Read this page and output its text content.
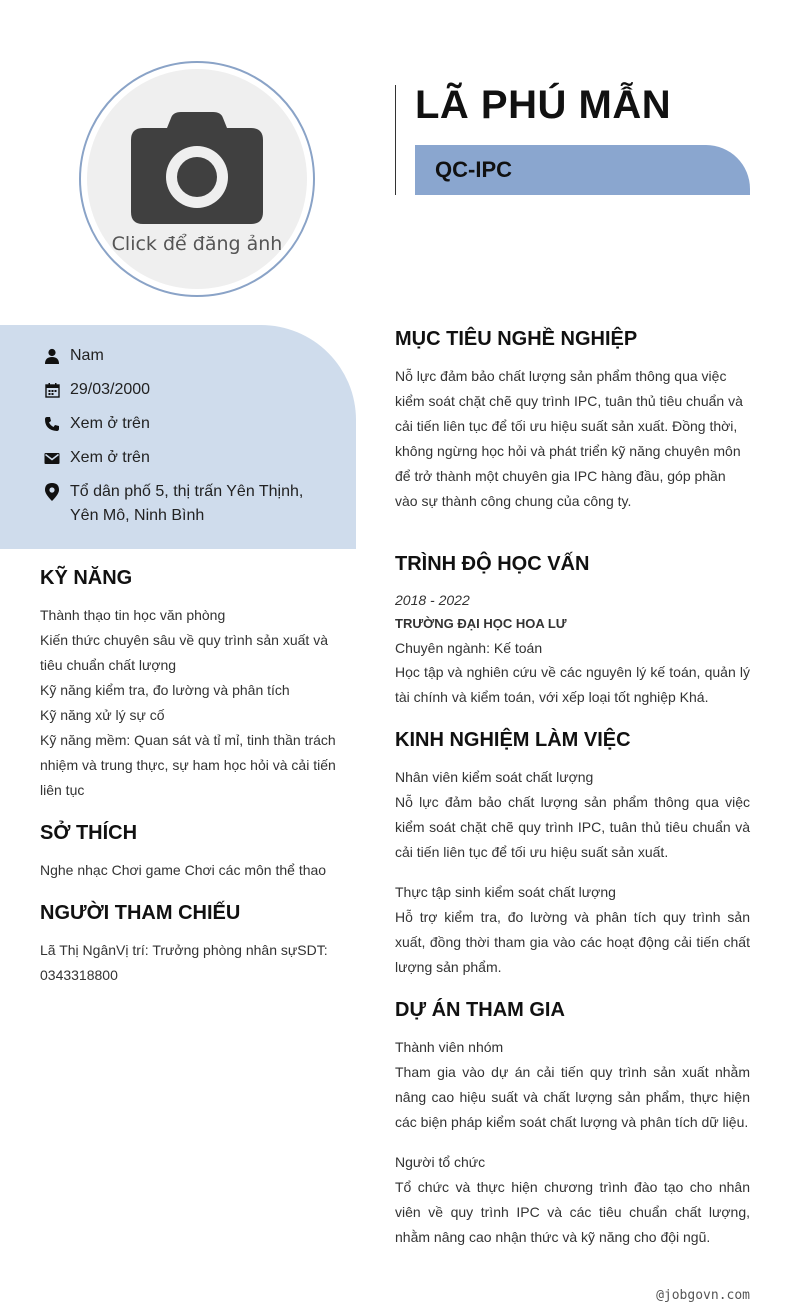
Click để đăng ảnh
LÃ PHÚ MẪN
QC-IPC
Nam
29/03/2000
Xem ở trên
Xem ở trên
Tổ dân phố 5, thị trấn Yên Thịnh,
Yên Mô, Ninh Bình
KỸ NĂNG
Thành thạo tin học văn phòng
Kiến thức chuyên sâu về quy trình sản xuất và tiêu chuẩn chất lượng
Kỹ năng kiểm tra, đo lường và phân tích
Kỹ năng xử lý sự cố
Kỹ năng mềm: Quan sát và tỉ mỉ, tinh thần trách nhiệm và trung thực, sự ham học hỏi và cải tiến liên tục
SỞ THÍCH
Nghe nhạc Chơi game Chơi các môn thể thao
NGƯỜI THAM CHIẾU
Lã Thị NgânVị trí: Trưởng phòng nhân sựSDT: 0343318800
MỤC TIÊU NGHỀ NGHIỆP
Nỗ lực đảm bảo chất lượng sản phẩm thông qua việc kiểm soát chặt chẽ quy trình IPC, tuân thủ tiêu chuẩn và cải tiến liên tục để tối ưu hiệu suất sản xuất. Đồng thời, không ngừng học hỏi và phát triển kỹ năng chuyên môn để trở thành một chuyên gia IPC hàng đầu, góp phần vào sự thành công chung của công ty.
TRÌNH ĐỘ HỌC VẤN
2018 - 2022
TRƯỜNG ĐẠI HỌC HOA LƯ
Chuyên ngành: Kế toán
Học tập và nghiên cứu về các nguyên lý kế toán, quản lý tài chính và kiểm toán, với xếp loại tốt nghiệp Khá.
KINH NGHIỆM LÀM VIỆC
Nhân viên kiểm soát chất lượng
Nỗ lực đảm bảo chất lượng sản phẩm thông qua việc kiểm soát chặt chẽ quy trình IPC, tuân thủ tiêu chuẩn và cải tiến liên tục để tối ưu hiệu suất sản xuất.
Thực tập sinh kiểm soát chất lượng
Hỗ trợ kiểm tra, đo lường và phân tích quy trình sản xuất, đồng thời tham gia vào các hoạt động cải tiến chất lượng sản phẩm.
DỰ ÁN THAM GIA
Thành viên nhóm
Tham gia vào dự án cải tiến quy trình sản xuất nhằm nâng cao hiệu suất và chất lượng sản phẩm, thực hiện các biện pháp kiểm soát chất lượng và phân tích dữ liệu.
Người tổ chức
Tổ chức và thực hiện chương trình đào tạo cho nhân viên về quy trình IPC và các tiêu chuẩn chất lượng, nhằm nâng cao nhận thức và kỹ năng cho đội ngũ.
@jobgovn.com
